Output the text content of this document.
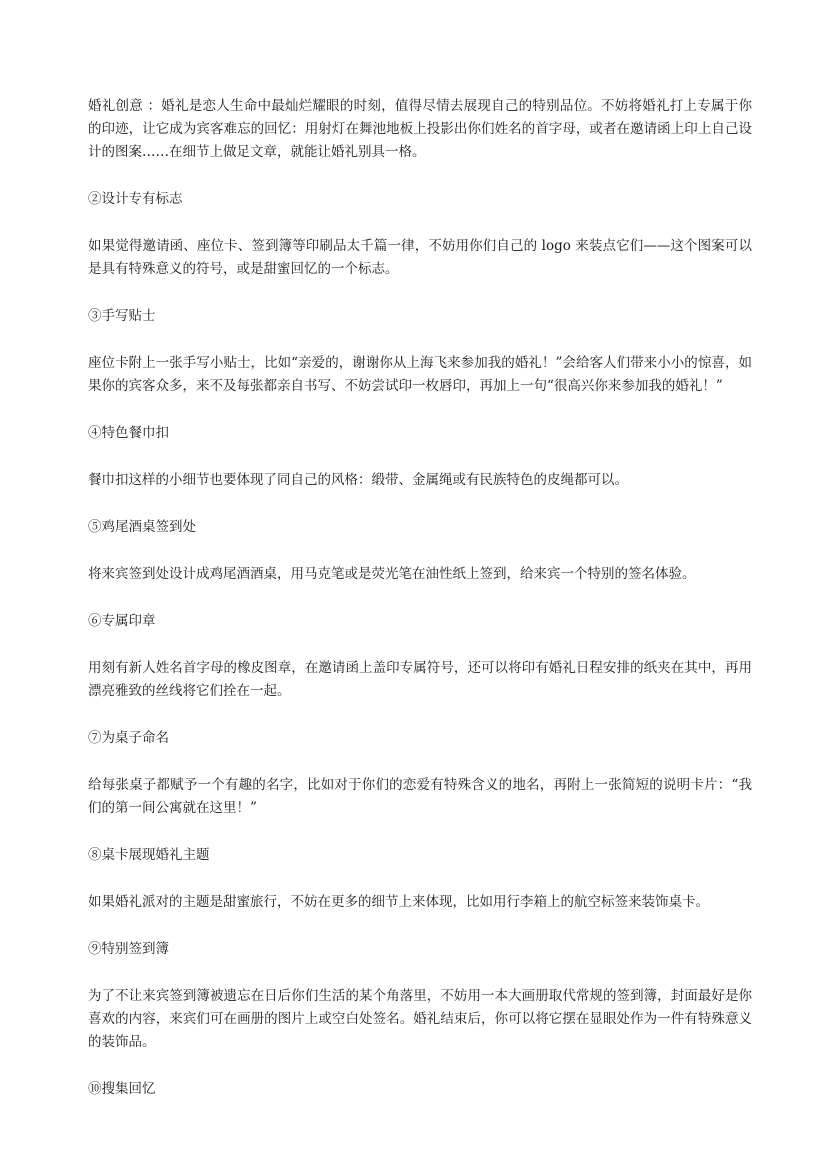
婚礼创意 ：婚礼是恋人生命中最灿烂耀眼的时刻，值得尽情去展现自己的特别品位。不妨将婚礼打上专属于你的印迹，让它成为宾客难忘的回忆：用射灯在舞池地板上投影出你们姓名的首字母，或者在邀请函上印上自己设计的图案……在细节上做足文章，就能让婚礼别具一格。

②设计专有标志

如果觉得邀请函、座位卡、签到簿等印刷品太千篇一律，不妨用你们自己的 logo 来装点它们——这个图案可以是具有特殊意义的符号，或是甜蜜回忆的一个标志。

③手写贴士

座位卡附上一张手写小贴士，比如“亲爱的，谢谢你从上海飞来参加我的婚礼！”会给客人们带来小小的惊喜，如果你的宾客众多，来不及每张都亲自书写、不妨尝试印一枚唇印，再加上一句“很高兴你来参加我的婚礼！”

④特色餐巾扣

餐巾扣这样的小细节也要体现了同自己的风格：缎带、金属绳或有民族特色的皮绳都可以。

⑤鸡尾酒桌签到处

将来宾签到处设计成鸡尾酒酒桌，用马克笔或是荧光笔在油性纸上签到，给来宾一个特别的签名体验。

⑥专属印章

用刻有新人姓名首字母的橡皮图章，在邀请函上盖印专属符号，还可以将印有婚礼日程安排的纸夹在其中，再用漂亮雅致的丝线将它们拴在一起。

⑦为桌子命名

给每张桌子都赋予一个有趣的名字，比如对于你们的恋爱有特殊含义的地名，再附上一张简短的说明卡片：“我们的第一间公寓就在这里！”

⑧桌卡展现婚礼主题

如果婚礼派对的主题是甜蜜旅行，不妨在更多的细节上来体现，比如用行李箱上的航空标签来装饰桌卡。

⑨特别签到簿

为了不让来宾签到簿被遗忘在日后你们生活的某个角落里，不妨用一本大画册取代常规的签到簿，封面最好是你喜欢的内容，来宾们可在画册的图片上或空白处签名。婚礼结束后，你可以将它摆在显眼处作为一件有特殊意义的装饰品。

⑩搜集回忆
